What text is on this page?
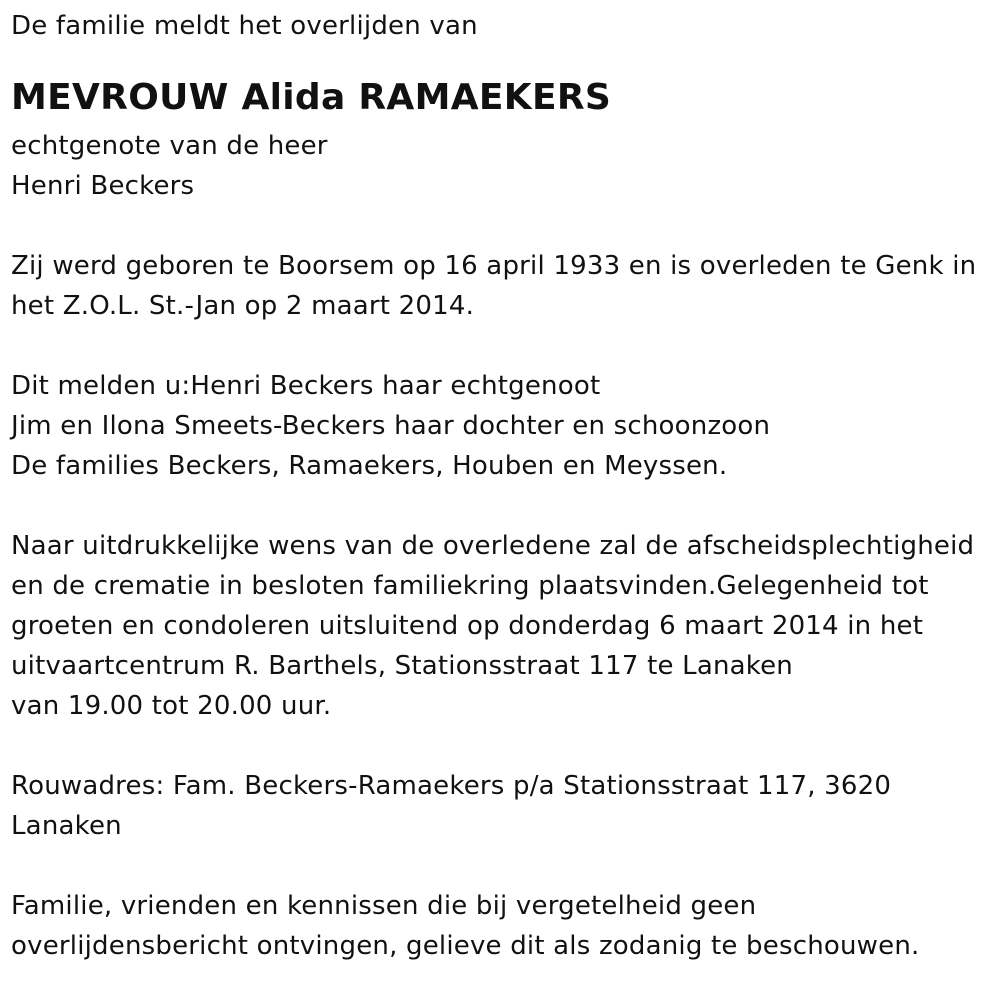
De familie meldt het overlijden van
MEVROUW Alida RAMAEKERS
echtgenote van de heer
Henri Beckers
Zij werd geboren te Boorsem op 16 april 1933 en is overleden te Genk in
het Z.O.L. St.-Jan op 2 maart 2014.
Dit melden u:Henri Beckers haar echtgenoot
Jim en Ilona Smeets-Beckers haar dochter en schoonzoon
De families Beckers, Ramaekers, Houben en Meyssen.
Naar uitdrukkelijke wens van de overledene zal de afscheidsplechtigheid
en de crematie in besloten familiekring plaatsvinden.Gelegenheid tot
groeten en condoleren uitsluitend op donderdag 6 maart 2014 in het
uitvaartcentrum R. Barthels, Stationsstraat 117 te Lanaken
van 19.00 tot 20.00 uur.
Rouwadres: Fam. Beckers-Ramaekers p/a Stationsstraat 117, 3620
Lanaken
Familie, vrienden en kennissen die bij vergetelheid geen
overlijdensbericht ontvingen, gelieve dit als zodanig te beschouwen.
